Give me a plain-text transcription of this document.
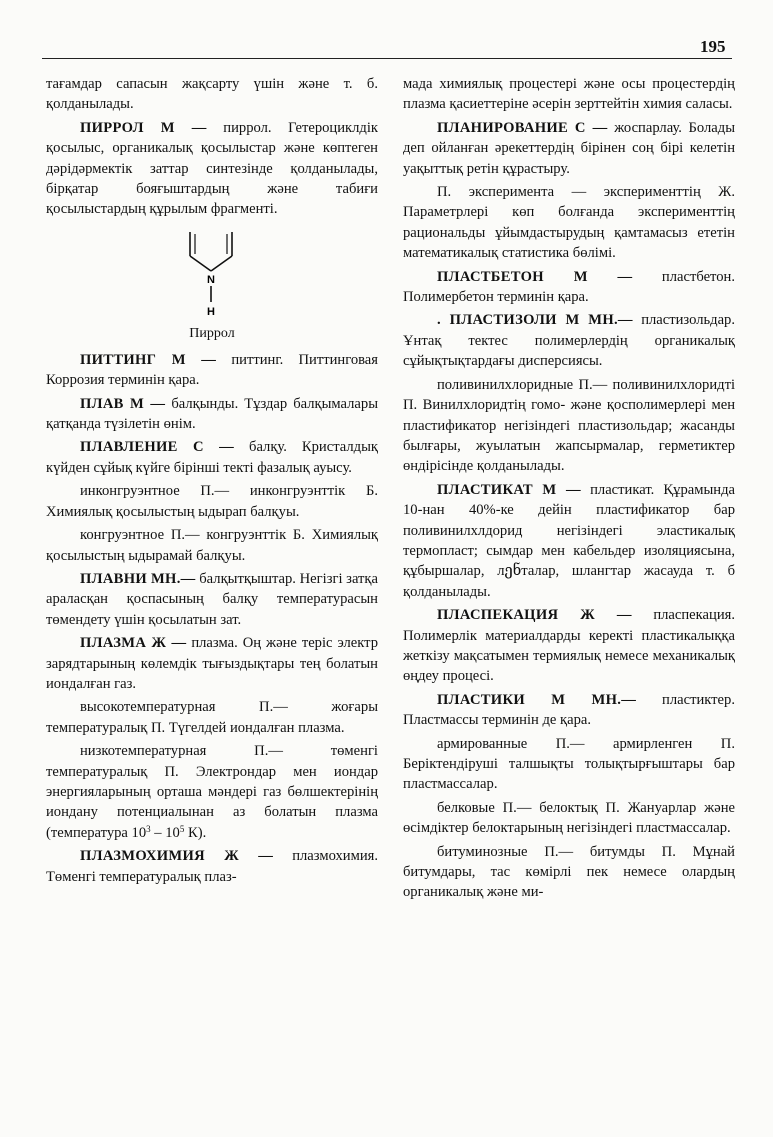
195

тағамдар сапасын жақсарту үшін және т. б. қолданылады.

ПИРРОЛ М — пиррол. Гетероциклдік қосылыс, органикалық қосылыстар және көптеген дәрідәрмектік заттар синтезінде қолданылады, бірқатар бояғыштардың және табиғи қосылыстардың құрылым фрагменті.

N
H
Пиррол

ПИТТИНГ М — питтинг. Питтинговая Коррозия терминін қара.

ПЛАВ М — балқынды. Тұздар балқымалары қатқанда түзілетін өнім.

ПЛАВЛЕНИЕ С — балқу. Кристалдық күйден сұйық күйге бірінші текті фазалық ауысу.

инконгруэнтное П.— инконгруэнттік Б. Химиялық қосылыстың ыдырап балқуы.

конгруэнтное П.— конгруэнттік Б. Химиялық қосылыстың ыдырамай балқуы.

ПЛАВНИ МН.— балқытқыштар. Негізгі затқа араласқан қоспасының балқу температурасын төмендету үшін қосылатын зат.

ПЛАЗМА Ж — плазма. Оң және теріс электр зарядтарының көлемдік тығыздықтары тең болатын иондалған газ.

высокотемпературная П.— жоғары температуралық П. Түгелдей иондалған плазма.

низкотемпературная П.— төменгі температуралық П. Электрондар мен иондар энергияларының орташа мәндері газ бөлшектерінің иондану потенциалынан аз болатын плазма (температура $10^3 - 10^5$ К).

ПЛАЗМОХИМИЯ Ж — плазмохимия. Төменгі температуралық плаз-

мада химиялық процестері және осы процестердің плазма қасиеттеріне әсерін зерттейтін химия саласы.

ПЛАНИРОВАНИЕ С — жоспарлау. Болады деп ойланған әрекеттердің бірінен соң бірі келетін уақыттық ретін құрастыру.

П. эксперимента — эксперименттің Ж. Параметрлері көп болғанда эксперименттің рациональды ұйымдастырудың қамтамасыз ететін математикалық статистика бөлімі.

ПЛАСТБЕТОН М — пластбетон. Полимербетон терминін қара.

. ПЛАСТИЗОЛИ М МН.— пластизольдар. Ұнтақ тектес полимерлердің органикалық сұйықтықтардағы дисперсиясы.

поливинилхлоридные П.— поливинилхлоридті П. Винилхлоридтің гомо- және қосполимерлері мен пластификатор негізіндегі пластизольдар; жасанды былғары, жуылатын жапсырмалар, герметиктер өндірісінде қолданылады.

ПЛАСТИКАТ М — пластикат. Құрамында 10-нан 40%-ке дейін пластификатор бар поливинилхлдорид негізіндегі эластикалық термопласт; сымдар мен кабельдер изоляциясына, құбыршалар, лენталар, шлангтар жасауда т. б қолданылады.

ПЛАСПЕКАЦИЯ Ж — пласпекация. Полимерлік материалдарды керекті пластикалыққа жеткізу мақсатымен термиялық немесе механикалық өңдеу процесі.

ПЛАСТИКИ М МН.— пластиктер. Пластмассы терминін де қара.

армированные П.— армирленген П. Беріктендіруші талшықты толықтырғыштары бар пластмассалар.

белковые П.— белоктық П. Жануарлар және өсімдіктер белоктарының негізіндегі пластмассалар.

битуминозные П.— битумды П. Мұнай битумдары, тас көмірлі пек немесе олардың органикалық және ми-
